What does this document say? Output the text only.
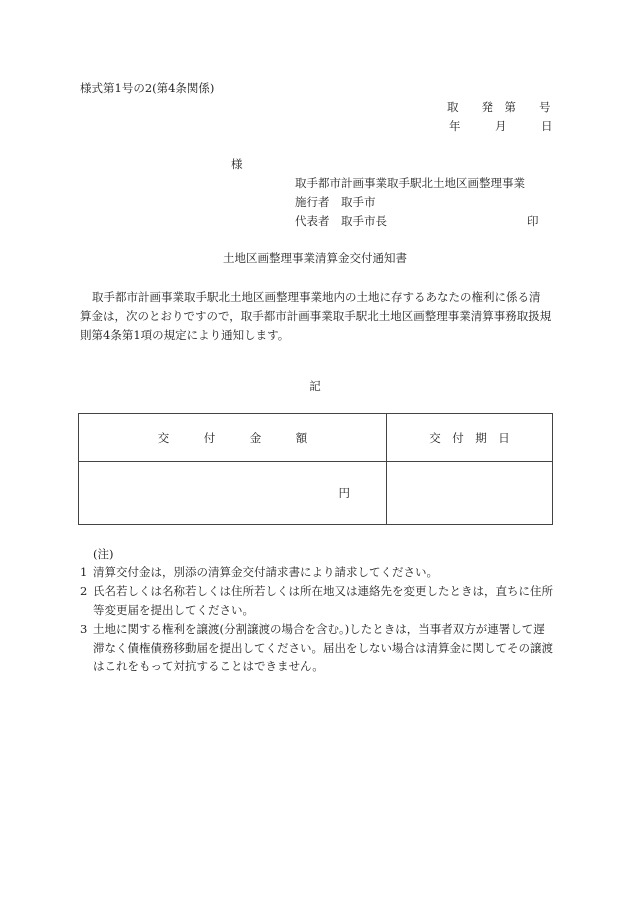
様式第1号の2(第4条関係)
取　　発　第　　号
年　　　月　　　日
様
取手都市計画事業取手駅北土地区画整理事業
施行者　取手市
代表者　取手市長	印
土地区画整理事業清算金交付通知書
取手都市計画事業取手駅北土地区画整理事業地内の土地に存するあなたの権利に係る清
算金は，次のとおりですので，取手都市計画事業取手駅北土地区画整理事業清算事務取扱規
則第4条第1項の規定により通知します。
記
交　　　付　　　金　　　額	交　付　期　日
円	
(注)
1 清算交付金は，別添の清算金交付請求書により請求してください。
2 氏名若しくは名称若しくは住所若しくは所在地又は連絡先を変更したときは，直ちに住所等変更届を提出してください。
3 土地に関する権利を譲渡(分割譲渡の場合を含む。)したときは，当事者双方が連署して遅滞なく債権債務移動届を提出してください。届出をしない場合は清算金に関してその譲渡はこれをもって対抗することはできません。
